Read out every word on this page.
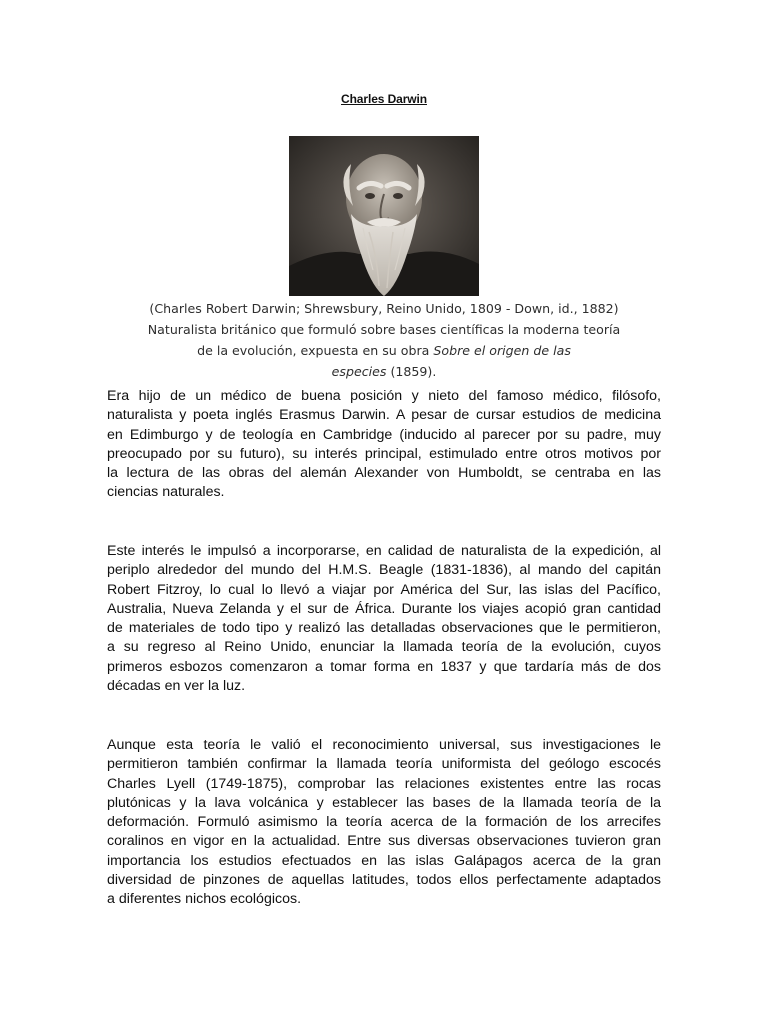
Charles Darwin
(Charles Robert Darwin; Shrewsbury, Reino Unido, 1809 - Down, id., 1882)
Naturalista británico que formuló sobre bases científicas la moderna teoría
de la evolución, expuesta en su obra Sobre el origen de las
especies (1859).
Era hijo de un médico de buena posición y nieto del famoso médico, filósofo,
naturalista y poeta inglés Erasmus Darwin. A pesar de cursar estudios de medicina
en Edimburgo y de teología en Cambridge (inducido al parecer por su padre, muy
preocupado por su futuro), su interés principal, estimulado entre otros motivos por
la lectura de las obras del alemán Alexander von Humboldt, se centraba en las
ciencias naturales.
Este interés le impulsó a incorporarse, en calidad de naturalista de la expedición, al
periplo alrededor del mundo del H.M.S. Beagle (1831-1836), al mando del capitán
Robert Fitzroy, lo cual lo llevó a viajar por América del Sur, las islas del Pacífico,
Australia, Nueva Zelanda y el sur de África. Durante los viajes acopió gran cantidad
de materiales de todo tipo y realizó las detalladas observaciones que le permitieron,
a su regreso al Reino Unido, enunciar la llamada teoría de la evolución, cuyos
primeros esbozos comenzaron a tomar forma en 1837 y que tardaría más de dos
décadas en ver la luz.
Aunque esta teoría le valió el reconocimiento universal, sus investigaciones le
permitieron también confirmar la llamada teoría uniformista del geólogo escocés
Charles Lyell (1749-1875), comprobar las relaciones existentes entre las rocas
plutónicas y la lava volcánica y establecer las bases de la llamada teoría de la
deformación. Formuló asimismo la teoría acerca de la formación de los arrecifes
coralinos en vigor en la actualidad. Entre sus diversas observaciones tuvieron gran
importancia los estudios efectuados en las islas Galápagos acerca de la gran
diversidad de pinzones de aquellas latitudes, todos ellos perfectamente adaptados
a diferentes nichos ecológicos.
